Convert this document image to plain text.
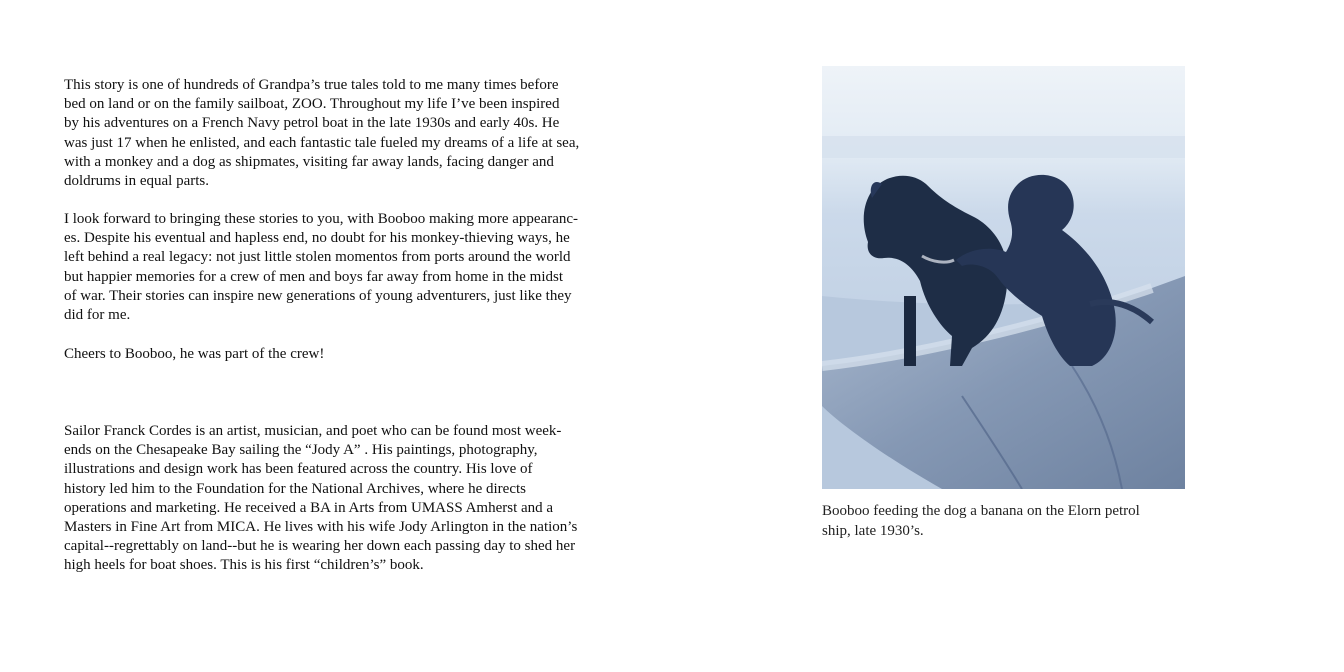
This story is one of hundreds of Grandpa’s true tales told to me many times before
bed on land or on the family sailboat, ZOO. Throughout my life I’ve been inspired
by his adventures on a French Navy petrol boat in the late 1930s and early 40s. He
was just 17 when he enlisted, and each fantastic tale fueled my dreams of a life at sea,
with a monkey and a dog as shipmates, visiting far away lands, facing danger and
doldrums in equal parts.
I look forward to bringing these stories to you, with Booboo making more appearanc-
es. Despite his eventual and hapless end, no doubt for his monkey-thieving ways, he
left behind a real legacy: not just little stolen momentos from ports around the world
but happier memories for a crew of men and boys far away from home in the midst
of war. Their stories can inspire new generations of young adventurers, just like they
did for me.
Cheers to Booboo, he was part of the crew!
Sailor Franck Cordes is an artist, musician, and poet who can be found most week-
ends on the Chesapeake Bay sailing the “Jody A” . His paintings, photography,
illustrations and design work has been featured across the country. His love of
history led him to the Foundation for the National Archives, where he directs
operations and marketing. He received a BA in Arts from UMASS Amherst and a
Masters in Fine Art from MICA. He lives with his wife Jody Arlington in the nation’s
capital--regrettably on land--but he is wearing her down each passing day to shed her
high heels for boat shoes. This is his first “children’s” book.
Booboo feeding the dog a banana on the Elorn petrol
ship, late 1930’s.
